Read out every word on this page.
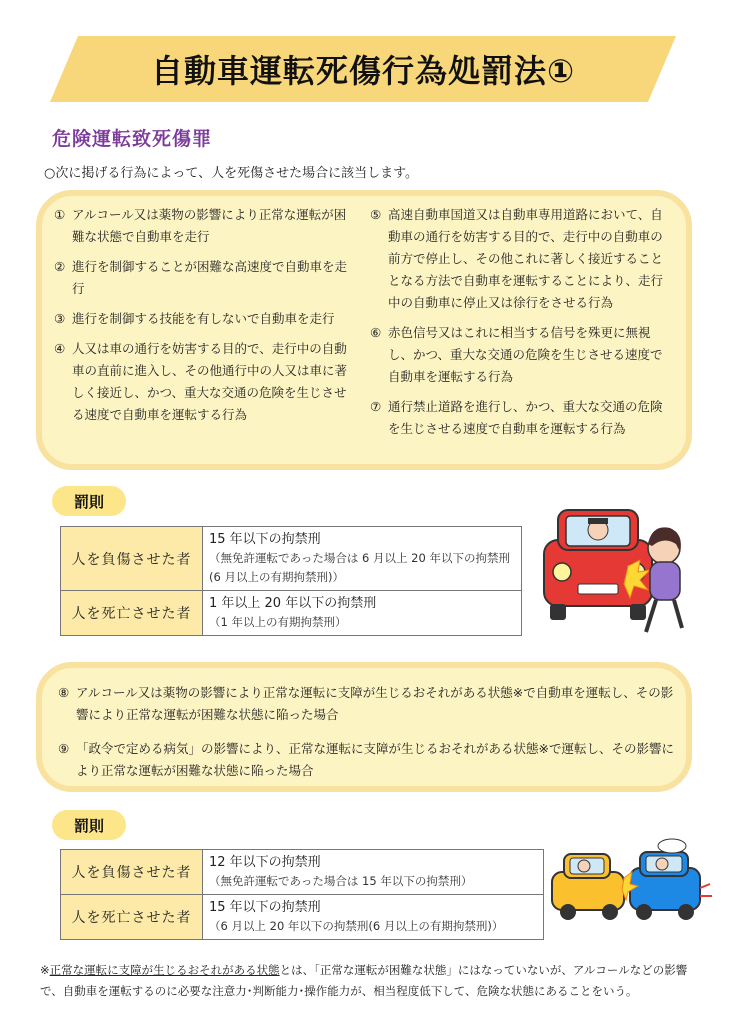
自動車運転死傷行為処罰法①
危険運転致死傷罪
○次に掲げる行為によって、人を死傷させた場合に該当します。
① アルコール又は薬物の影響により正常な運転が困難な状態で自動車を走行
② 進行を制御することが困難な高速度で自動車を走行
③ 進行を制御する技能を有しないで自動車を走行
④ 人又は車の通行を妨害する目的で、走行中の自動車の直前に進入し、その他通行中の人又は車に著しく接近し、かつ、重大な交通の危険を生じさせる速度で自動車を運転する行為
⑤ 高速自動車国道又は自動車専用道路において、自動車の通行を妨害する目的で、走行中の自動車の前方で停止し、その他これに著しく接近することとなる方法で自動車を運転することにより、走行中の自動車に停止又は徐行をさせる行為
⑥ 赤色信号又はこれに相当する信号を殊更に無視し、かつ、重大な交通の危険を生じさせる速度で自動車を運転する行為
⑦ 通行禁止道路を進行し、かつ、重大な交通の危険を生じさせる速度で自動車を運転する行為
罰則
人を負傷させた者	15 年以下の拘禁刑
（無免許運転であった場合は 6 月以上 20 年以下の拘禁刑(6 月以上の有期拘禁刑)）

人を死亡させた者	1 年以上 20 年以下の拘禁刑
（1 年以上の有期拘禁刑）
⑧ アルコール又は薬物の影響により正常な運転に支障が生じるおそれがある状態※で自動車を運転し、その影響により正常な運転が困難な状態に陥った場合
⑨ 「政令で定める病気」の影響により、正常な運転に支障が生じるおそれがある状態※で運転し、その影響により正常な運転が困難な状態に陥った場合
罰則
人を負傷させた者	12 年以下の拘禁刑
（無免許運転であった場合は 15 年以下の拘禁刑）

人を死亡させた者	15 年以下の拘禁刑
（6 月以上 20 年以下の拘禁刑(6 月以上の有期拘禁刑)）
※正常な運転に支障が生じるおそれがある状態とは、「正常な運転が困難な状態」にはなっていないが、アルコールなどの影響で、自動車を運転するのに必要な注意力･判断能力･操作能力が、相当程度低下して、危険な状態にあることをいう。
